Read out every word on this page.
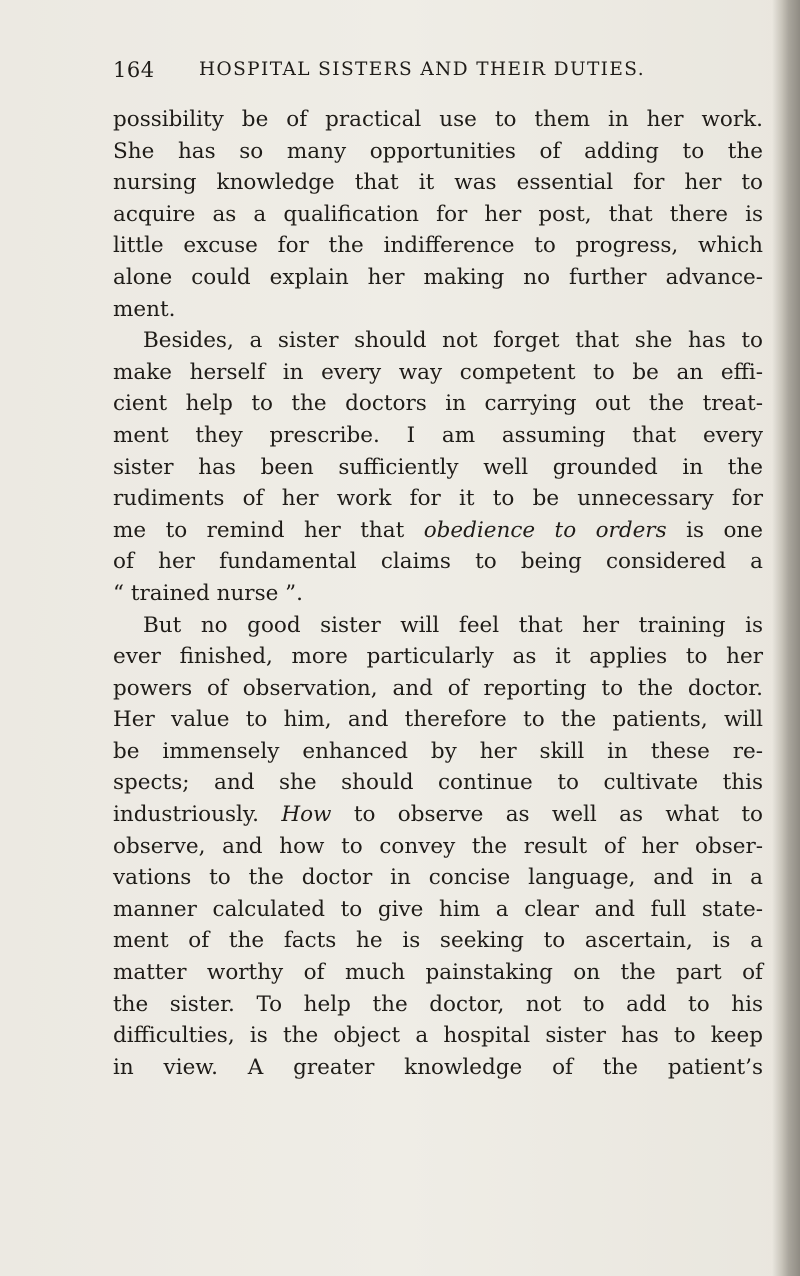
164 HOSPITAL SISTERS AND THEIR DUTIES.
possibility be of practical use to them in her work.
She has so many opportunities of adding to the
nursing knowledge that it was essential for her to
acquire as a qualification for her post, that there is
little excuse for the indifference to progress, which
alone could explain her making no further advance-
ment.
Besides, a sister should not forget that she has to
make herself in every way competent to be an effi-
cient help to the doctors in carrying out the treat-
ment they prescribe. I am assuming that every
sister has been sufficiently well grounded in the
rudiments of her work for it to be unnecessary for
me to remind her that obedience to orders is one
of her fundamental claims to being considered a
“ trained nurse ”.
But no good sister will feel that her training is
ever finished, more particularly as it applies to her
powers of observation, and of reporting to the doctor.
Her value to him, and therefore to the patients, will
be immensely enhanced by her skill in these re-
spects; and she should continue to cultivate this
industriously. How to observe as well as what to
observe, and how to convey the result of her obser-
vations to the doctor in concise language, and in a
manner calculated to give him a clear and full state-
ment of the facts he is seeking to ascertain, is a
matter worthy of much painstaking on the part of
the sister. To help the doctor, not to add to his
difficulties, is the object a hospital sister has to keep
in view. A greater knowledge of the patient’s
